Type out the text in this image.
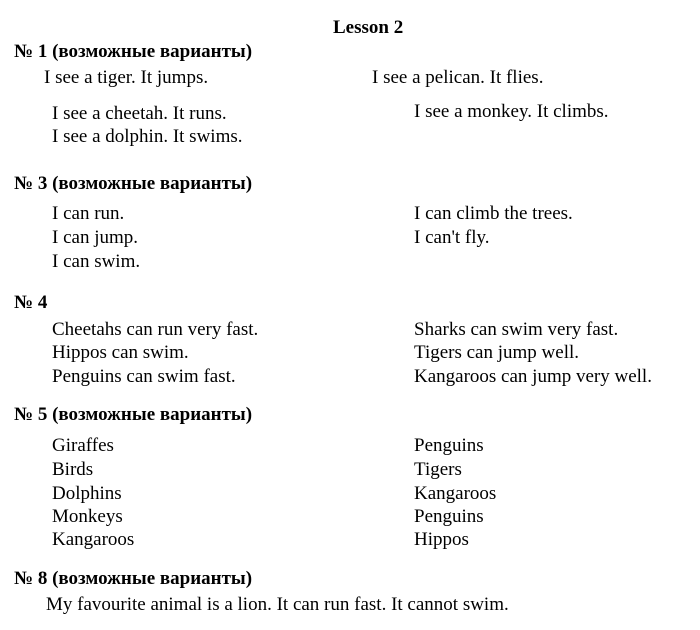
Lesson 2
№ 1 (возможные варианты)
I see a tiger. It jumps.	I see a pelican. It flies.
I see a cheetah. It runs.
I see a dolphin. It swims.
I see a monkey. It climbs.
№ 3 (возможные варианты)
I can run.
I can jump.
I can swim.
I can climb the trees.
I can't fly.
№ 4
Cheetahs can run very fast.
Hippos can swim.
Penguins can swim fast.
Sharks can swim very fast.
Tigers can jump well.
Kangaroos can jump very well.
№ 5 (возможные варианты)
Giraffes
Birds
Dolphins
Monkeys
Kangaroos
Penguins
Tigers
Kangaroos
Penguins
Hippos
№ 8 (возможные варианты)
My favourite animal is a lion. It can run fast. It cannot swim.
